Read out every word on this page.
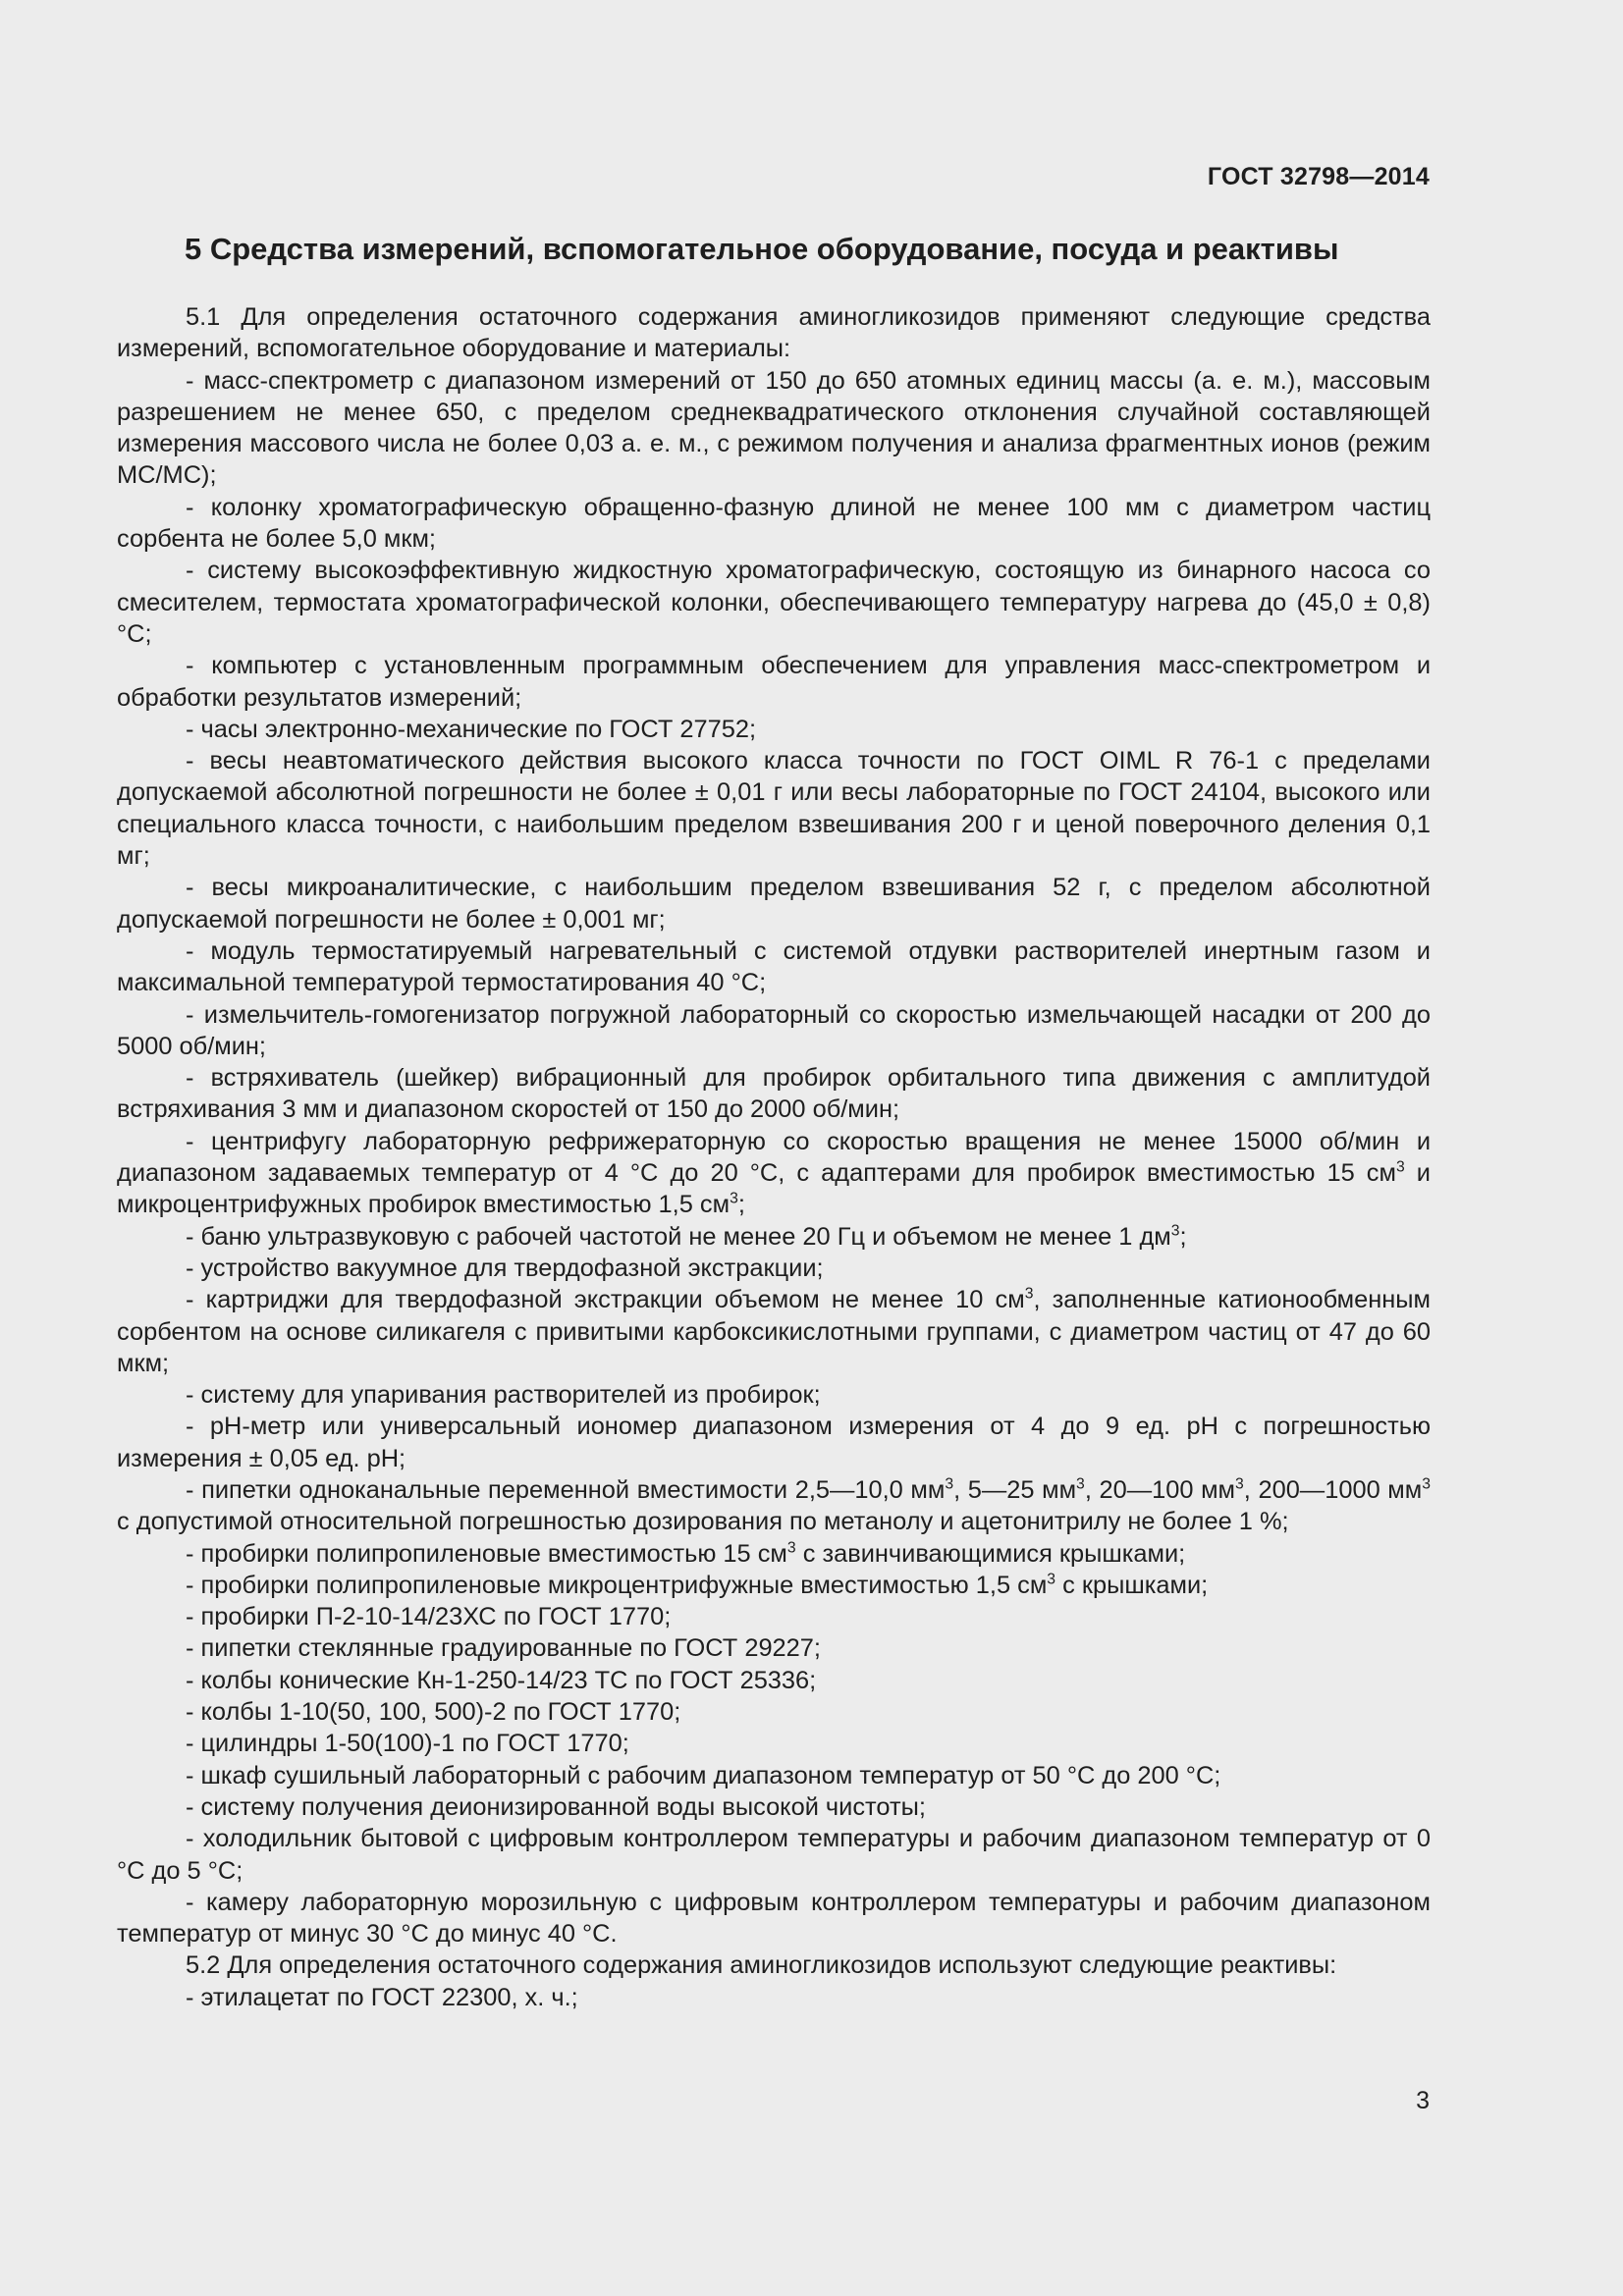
ГОСТ 32798—2014
5 Средства измерений, вспомогательное оборудование, посуда и реактивы

5.1 Для определения остаточного содержания аминогликозидов применяют следующие средства измерений, вспомогательное оборудование и материалы:

- масс-спектрометр с диапазоном измерений от 150 до 650 атомных единиц массы (а. е. м.), массовым разрешением не менее 650, с пределом среднеквадратического отклонения случайной составляющей измерения массового числа не более 0,03 а. е. м., с режимом получения и анализа фрагментных ионов (режим МС/МС);

- колонку хроматографическую обращенно-фазную длиной не менее 100 мм с диаметром частиц сорбента не более 5,0 мкм;

- систему высокоэффективную жидкостную хроматографическую, состоящую из бинарного насоса со смесителем, термостата хроматографической колонки, обеспечивающего температуру нагрева до (45,0 ± 0,8) °С;

- компьютер с установленным программным обеспечением для управления масс-спектрометром и обработки результатов измерений;

- часы электронно-механические по ГОСТ 27752;

- весы неавтоматического действия высокого класса точности по ГОСТ OIML R 76-1 с пределами допускаемой абсолютной погрешности не более ± 0,01 г или весы лабораторные по ГОСТ 24104, высокого или специального класса точности, с наибольшим пределом взвешивания 200 г и ценой поверочного деления 0,1 мг;

- весы микроаналитические, с наибольшим пределом взвешивания 52 г, с пределом абсолютной допускаемой погрешности не более ± 0,001 мг;

- модуль термостатируемый нагревательный с системой отдувки растворителей инертным газом и максимальной температурой термостатирования 40 °С;

- измельчитель-гомогенизатор погружной лабораторный со скоростью измельчающей насадки от 200 до 5000 об/мин;

- встряхиватель (шейкер) вибрационный для пробирок орбитального типа движения с амплитудой встряхивания 3 мм и диапазоном скоростей от 150 до 2000 об/мин;

- центрифугу лабораторную рефрижераторную со скоростью вращения не менее 15000 об/мин и диапазоном задаваемых температур от 4 °С до 20 °С, с адаптерами для пробирок вместимостью 15 $см^3$ и микроцентрифужных пробирок вместимостью 1,5 $см^3$;

- баню ультразвуковую с рабочей частотой не менее 20 Гц и объемом не менее 1 $дм^3$;

- устройство вакуумное для твердофазной экстракции;

- картриджи для твердофазной экстракции объемом не менее 10 $см^3$, заполненные катионообменным сорбентом на основе силикагеля с привитыми карбоксикислотными группами, с диаметром частиц от 47 до 60 мкм;

- систему для упаривания растворителей из пробирок;

- рН-метр или универсальный иономер диапазоном измерения от 4 до 9 ед. рН с погрешностью измерения ± 0,05 ед. рН;

- пипетки одноканальные переменной вместимости 2,5—10,0 $мм^3$, 5—25 $мм^3$, 20—100 $мм^3$, 200—1000 $мм^3$ с допустимой относительной погрешностью дозирования по метанолу и ацетонитрилу не более 1 %;

- пробирки полипропиленовые вместимостью 15 $см^3$ с завинчивающимися крышками;

- пробирки полипропиленовые микроцентрифужные вместимостью 1,5 $см^3$ с крышками;

- пробирки П-2-10-14/23ХС по ГОСТ 1770;

- пипетки стеклянные градуированные по ГОСТ 29227;

- колбы конические Кн-1-250-14/23 ТС по ГОСТ 25336;

- колбы 1-10(50, 100, 500)-2 по ГОСТ 1770;

- цилиндры 1-50(100)-1 по ГОСТ 1770;

- шкаф сушильный лабораторный с рабочим диапазоном температур от 50 °С до 200 °С;

- систему получения деионизированной воды высокой чистоты;

- холодильник бытовой с цифровым контроллером температуры и рабочим диапазоном температур от 0 °С до 5 °С;

- камеру лабораторную морозильную с цифровым контроллером температуры и рабочим диапазоном температур от минус 30 °С до минус 40 °С.

5.2 Для определения остаточного содержания аминогликозидов используют следующие реактивы:

- этилацетат по ГОСТ 22300, х. ч.;

3
